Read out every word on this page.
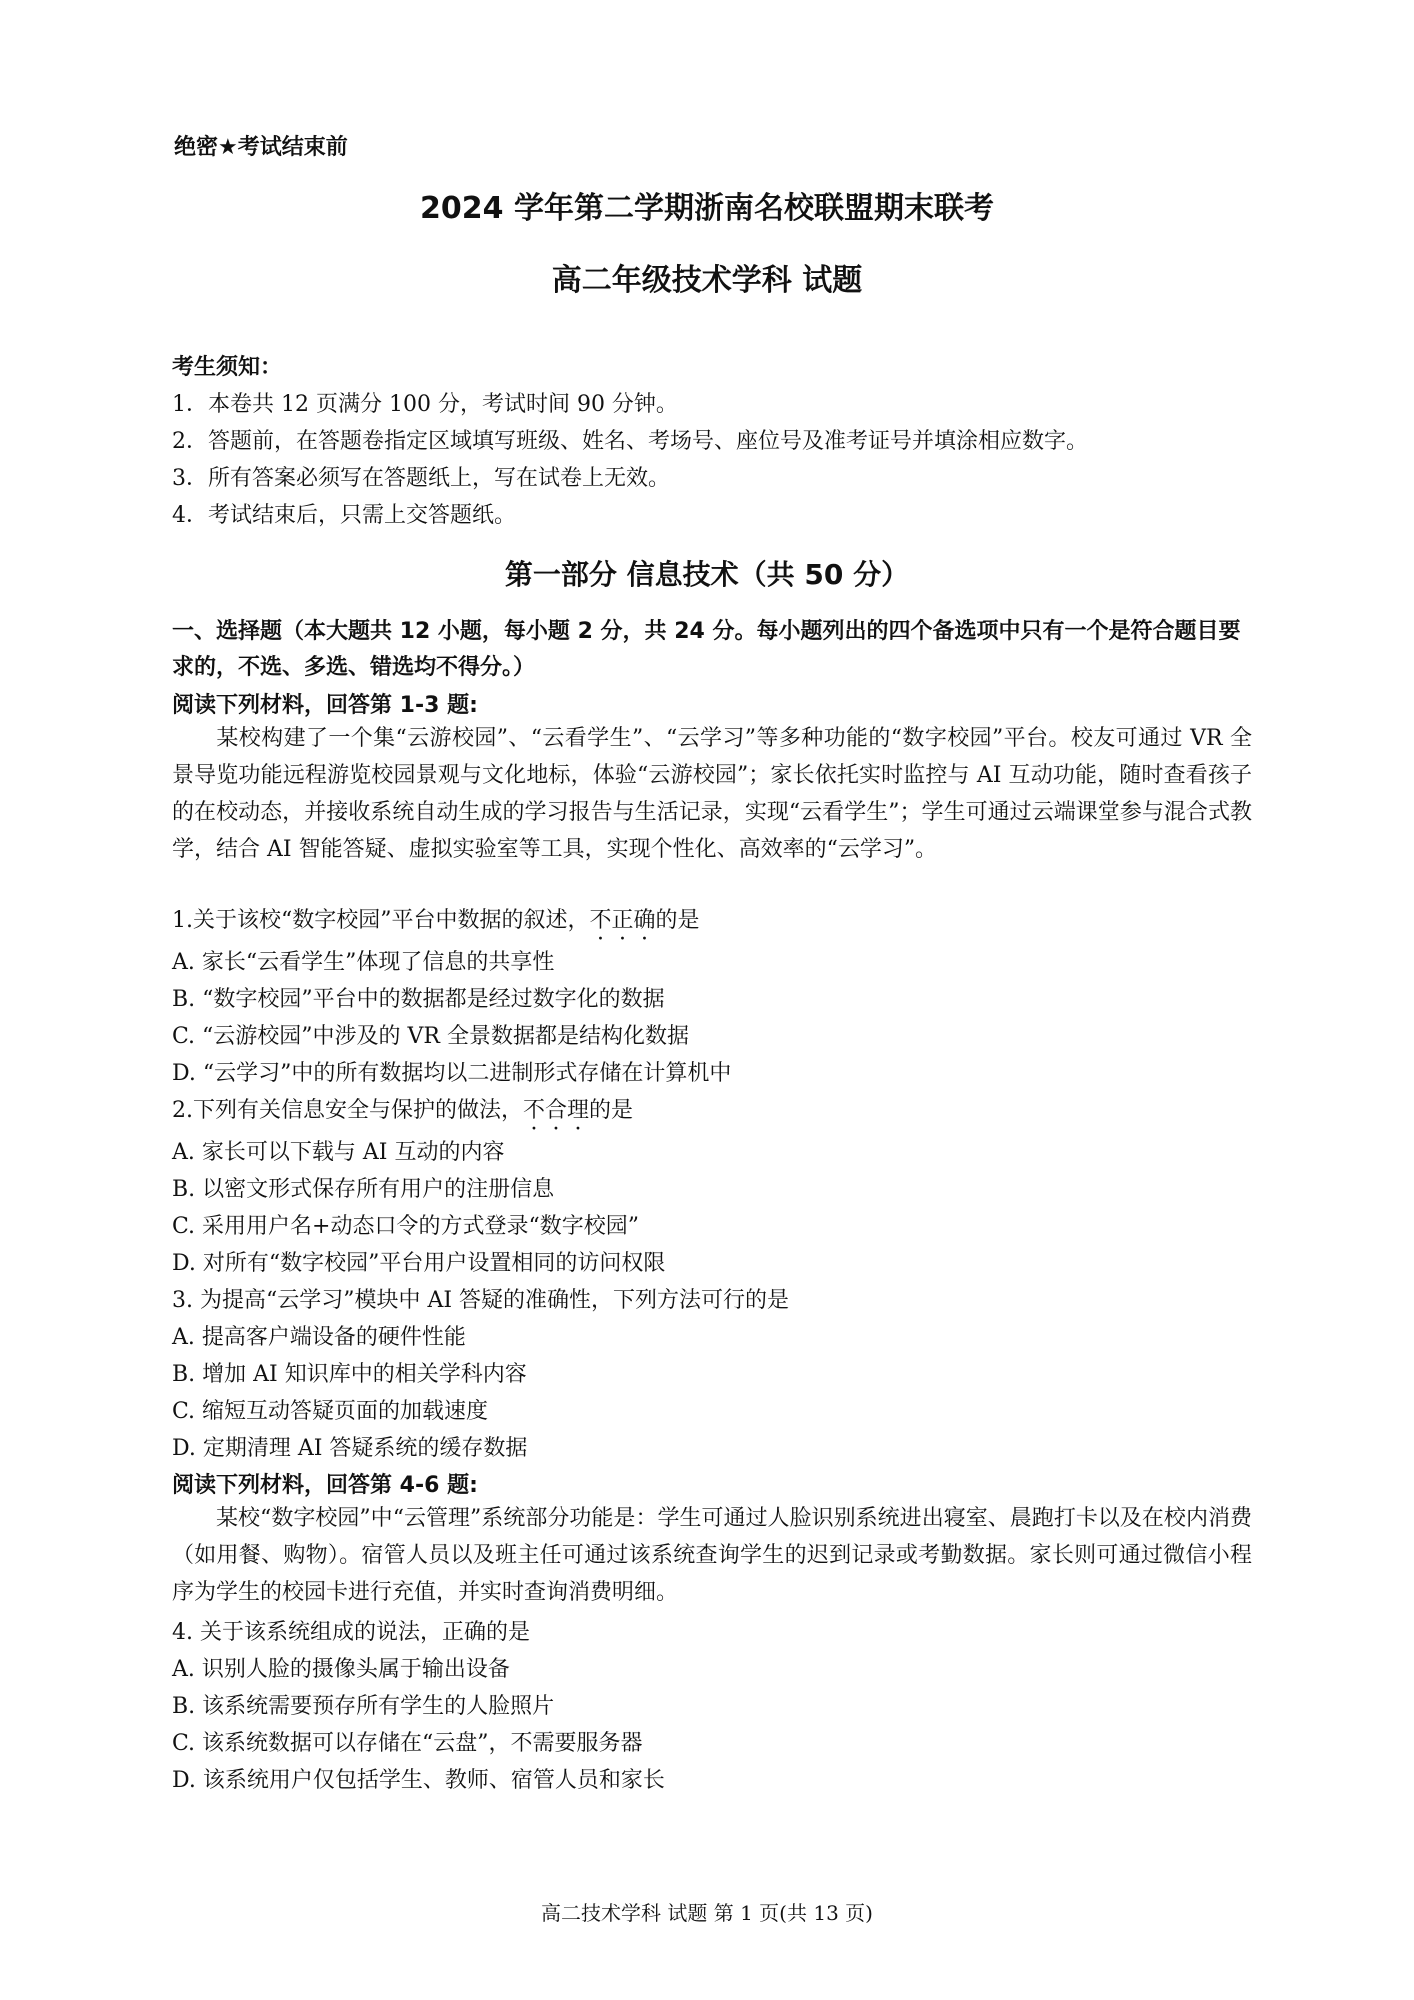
绝密★考试结束前
2024 学年第二学期浙南名校联盟期末联考
高二年级技术学科 试题
考生须知：
1．本卷共 12 页满分 100 分，考试时间 90 分钟。
2．答题前，在答题卷指定区域填写班级、姓名、考场号、座位号及准考证号并填涂相应数字。
3．所有答案必须写在答题纸上，写在试卷上无效。
4．考试结束后，只需上交答题纸。
第一部分 信息技术（共 50 分）
一、选择题（本大题共 12 小题，每小题 2 分，共 24 分。每小题列出的四个备选项中只有一个是符合题目要求的，不选、多选、错选均不得分。）
阅读下列材料，回答第 1-3 题:
某校构建了一个集“云游校园”、“云看学生”、“云学习”等多种功能的“数字校园”平台。校友可通过 VR 全景导览功能远程游览校园景观与文化地标，体验“云游校园”；家长依托实时监控与 AI 互动功能，随时查看孩子的在校动态，并接收系统自动生成的学习报告与生活记录，实现“云看学生”；学生可通过云端课堂参与混合式教学，结合 AI 智能答疑、虚拟实验室等工具，实现个性化、高效率的“云学习”。
1.关于该校“数字校园”平台中数据的叙述，不正确的是
A. 家长“云看学生”体现了信息的共享性
B. “数字校园”平台中的数据都是经过数字化的数据
C. “云游校园”中涉及的 VR 全景数据都是结构化数据
D. “云学习”中的所有数据均以二进制形式存储在计算机中
2.下列有关信息安全与保护的做法，不合理的是
A. 家长可以下载与 AI 互动的内容
B. 以密文形式保存所有用户的注册信息
C. 采用用户名+动态口令的方式登录“数字校园”
D. 对所有“数字校园”平台用户设置相同的访问权限
3. 为提高“云学习”模块中 AI 答疑的准确性，下列方法可行的是
A. 提高客户端设备的硬件性能
B. 增加 AI 知识库中的相关学科内容
C. 缩短互动答疑页面的加载速度
D. 定期清理 AI 答疑系统的缓存数据
阅读下列材料，回答第 4-6 题:
某校“数字校园”中“云管理”系统部分功能是：学生可通过人脸识别系统进出寝室、晨跑打卡以及在校内消费（如用餐、购物）。宿管人员以及班主任可通过该系统查询学生的迟到记录或考勤数据。家长则可通过微信小程序为学生的校园卡进行充值，并实时查询消费明细。
4. 关于该系统组成的说法，正确的是
A. 识别人脸的摄像头属于输出设备
B. 该系统需要预存所有学生的人脸照片
C. 该系统数据可以存储在“云盘”，不需要服务器
D. 该系统用户仅包括学生、教师、宿管人员和家长
高二技术学科 试题 第 1 页(共 13 页)
